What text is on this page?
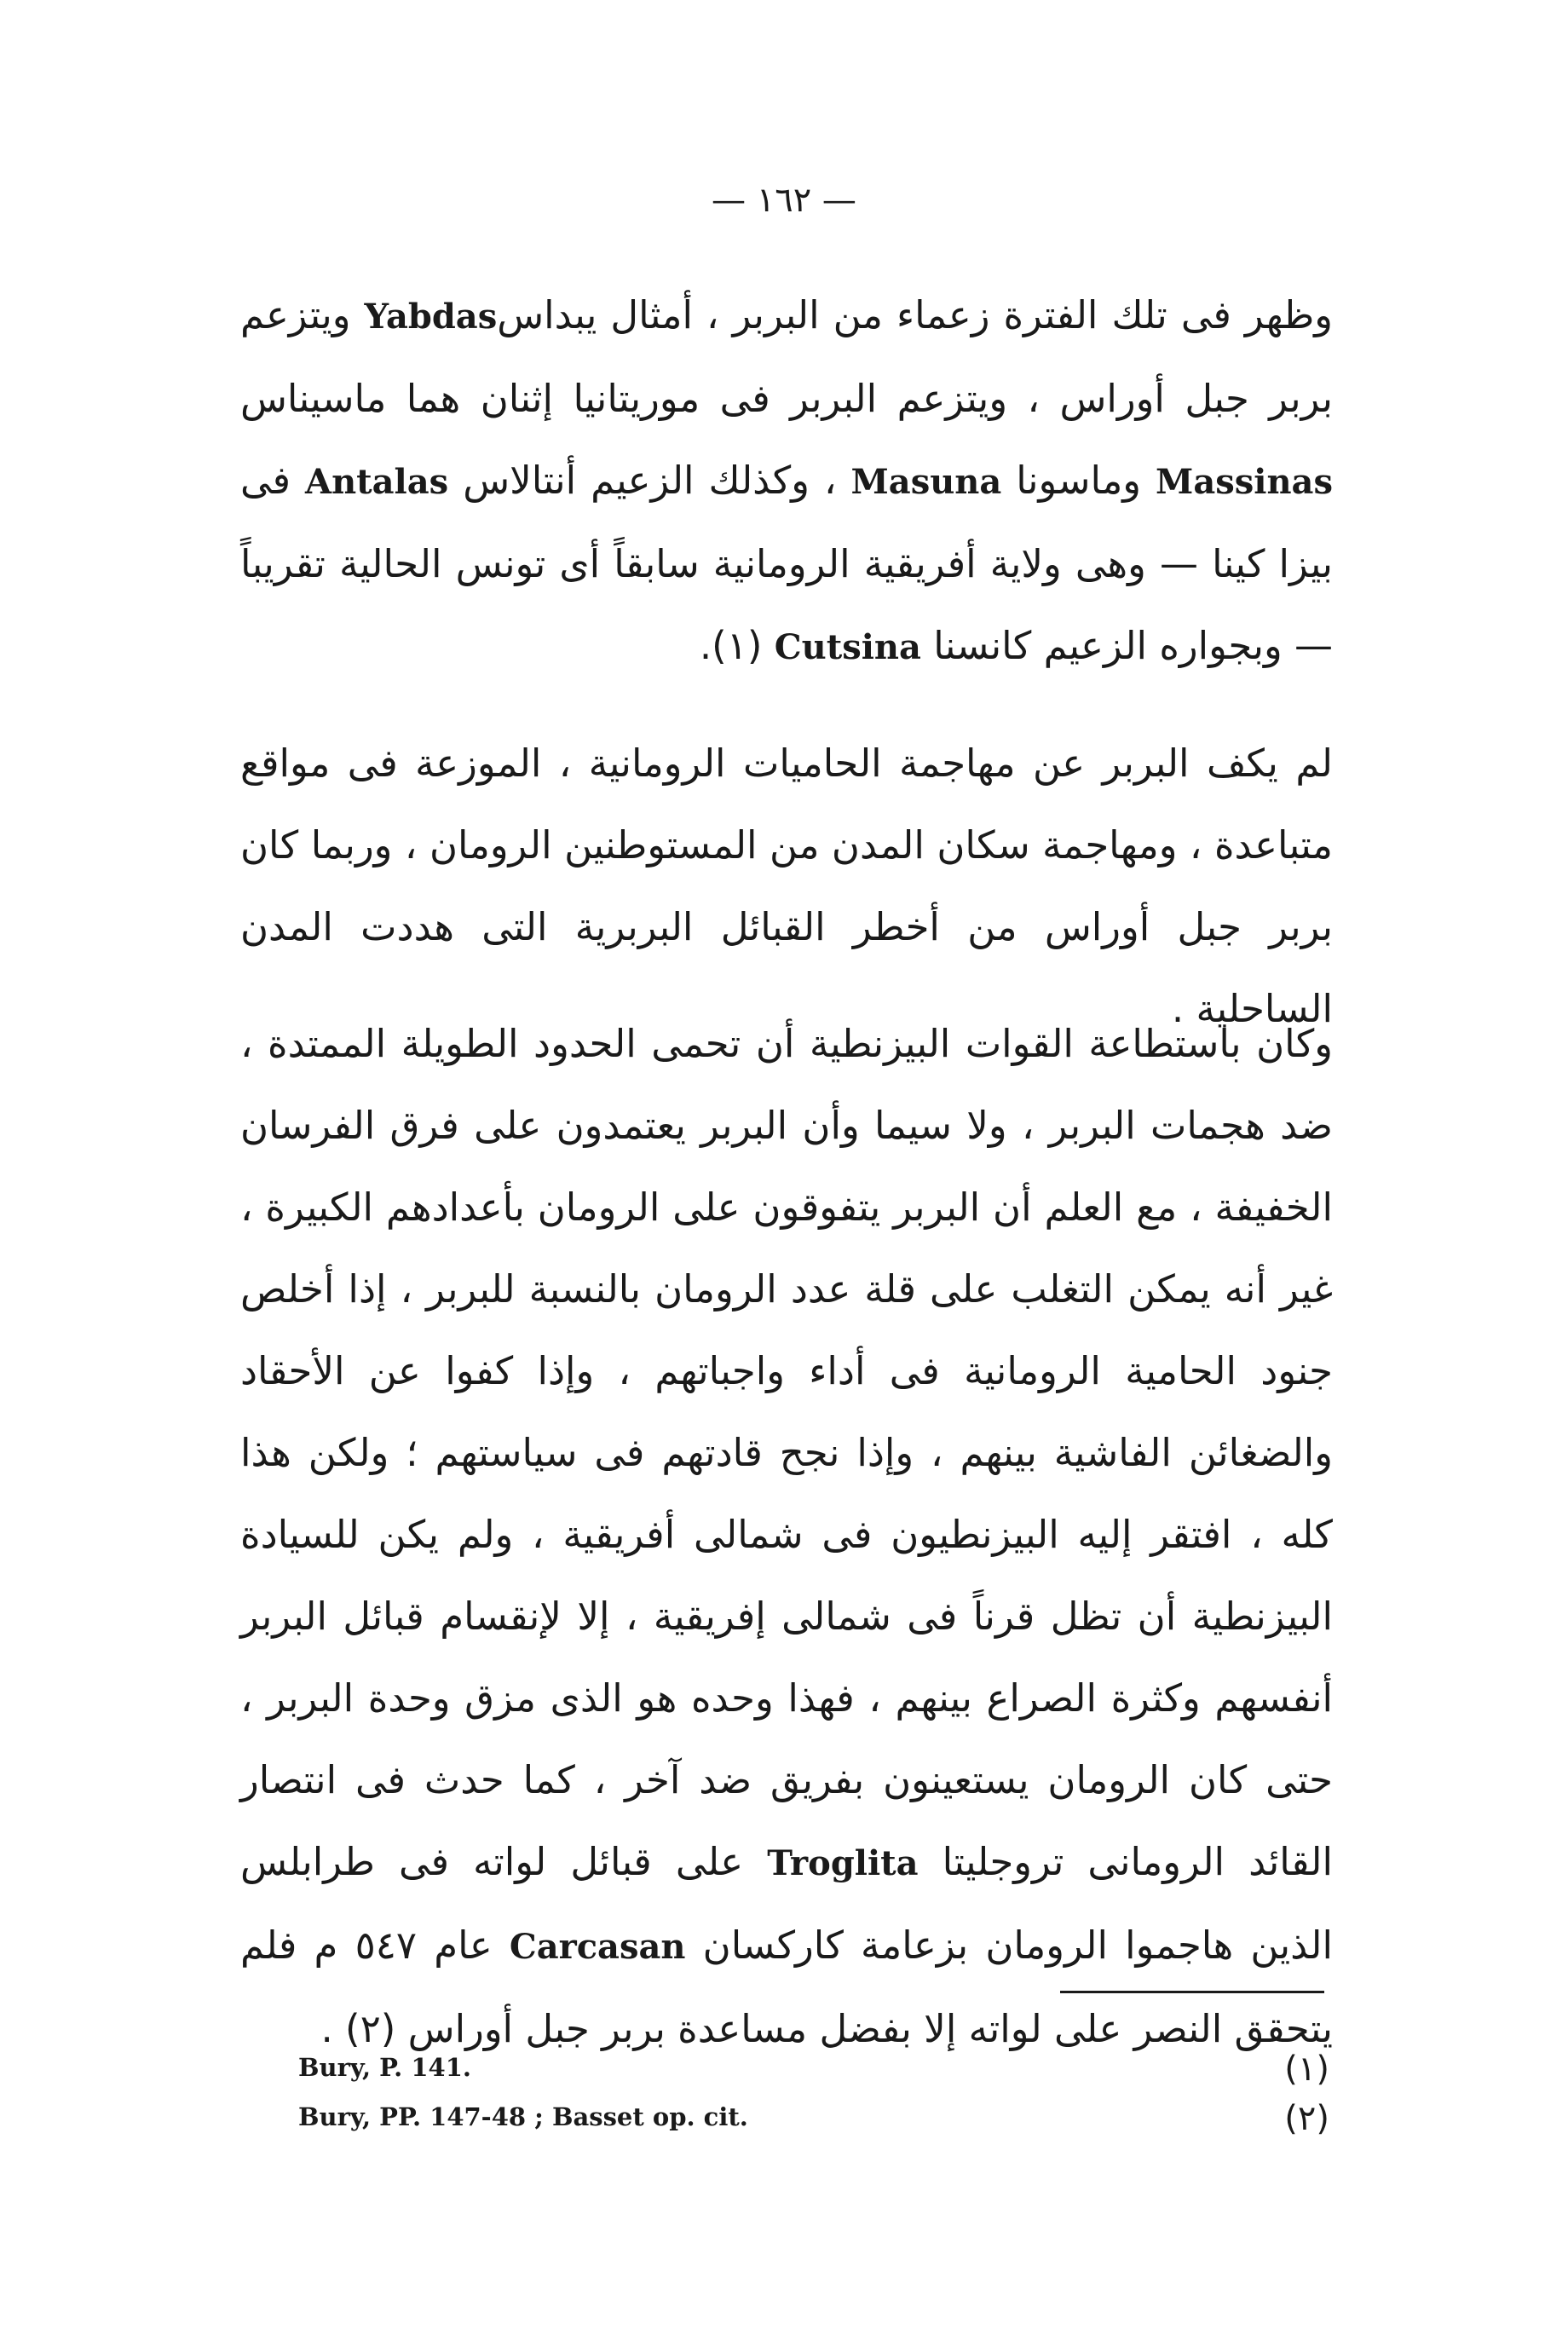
— ١٦٢ —

وظهر فى تلك الفترة زعماء من البربر ، أمثال يبداسYabdas ويتزعم بربر جبل أوراس ، ويتزعم البربر فى موريتانيا إثنان هما ماسيناس Massinas وماسونا Masuna ، وكذلك الزعيم أنتالاس Antalas فى بيزا كينا — وهى ولاية أفريقية الرومانية سابقاً أى تونس الحالية تقريباً — وبجواره الزعيم كانسنا Cutsina (١).

لم يكف البربر عن مهاجمة الحاميات الرومانية ، الموزعة فى مواقع متباعدة ، ومهاجمة سكان المدن من المستوطنين الرومان ، وربما كان بربر جبل أوراس من أخطر القبائل البربرية التى هددت المدن الساحلية .

وكان باستطاعة القوات البيزنطية أن تحمى الحدود الطويلة الممتدة ، ضد هجمات البربر ، ولا سيما وأن البربر يعتمدون على فرق الفرسان الخفيفة ، مع العلم أن البربر يتفوقون على الرومان بأعدادهم الكبيرة ، غير أنه يمكن التغلب على قلة عدد الرومان بالنسبة للبربر ، إذا أخلص جنود الحامية الرومانية فى أداء واجباتهم ، وإذا كفوا عن الأحقاد والضغائن الفاشية بينهم ، وإذا نجح قادتهم فى سياستهم ؛ ولكن هذا كله ، افتقر إليه البيزنطيون فى شمالى أفريقية ، ولم يكن للسيادة البيزنطية أن تظل قرناً فى شمالى إفريقية ، إلا لإنقسام قبائل البربر أنفسهم وكثرة الصراع بينهم ، فهذا وحده هو الذى مزق وحدة البربر ، حتى كان الرومان يستعينون بفريق ضد آخر ، كما حدث فى انتصار القائد الرومانى تروجليتا Troglita على قبائل لواته فى طرابلس الذين هاجموا الرومان بزعامة كاركسان Carcasan عام ٥٤٧ م فلم يتحقق النصر على لواته إلا بفضل مساعدة بربر جبل أوراس (٢) .

Bury, P. 141.	(١)
Bury, PP. 147-48 ; Basset op. cit.	(٢)
